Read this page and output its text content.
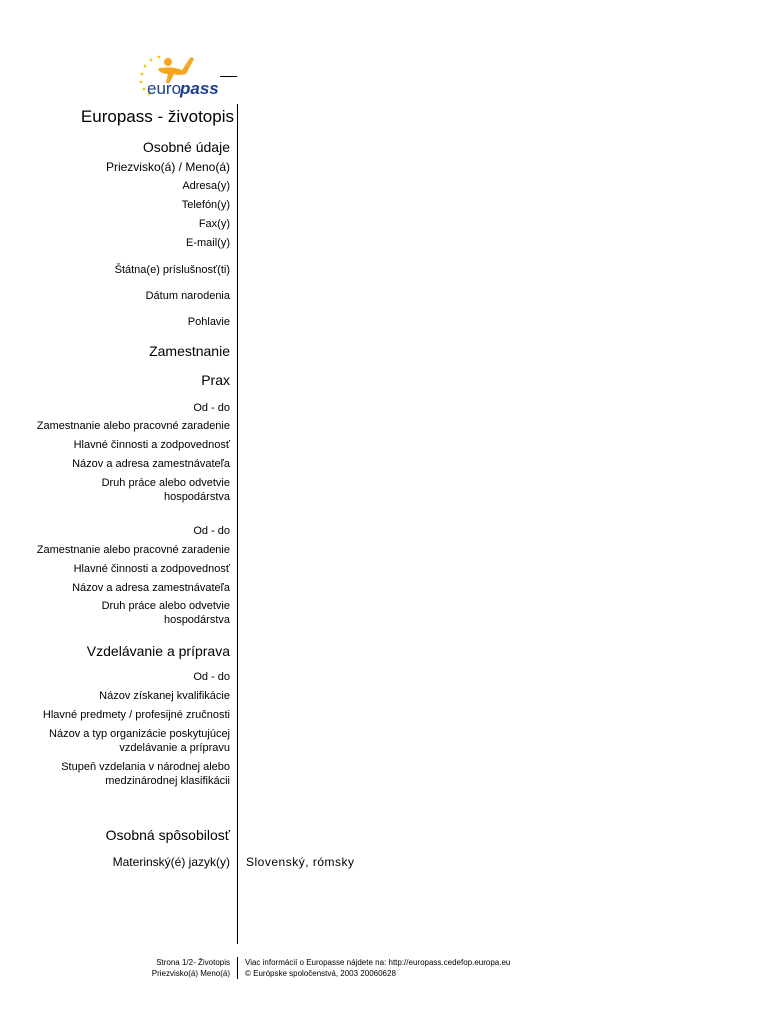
euro
pass
Europass - životopis
Osobné údaje
Priezvisko(á) / Meno(á)
Adresa(y)
Telefón(y)
Fax(y)
E-mail(y)
Štátna(e) príslušnosť(ti)
Dátum narodenia
Pohlavie
Zamestnanie
Prax
Od - do
Zamestnanie alebo pracovné zaradenie
Hlavné činnosti a zodpovednosť
Názov a adresa zamestnávateľa
Druh práce alebo odvetvie
hospodárstva
Od - do
Zamestnanie alebo pracovné zaradenie
Hlavné činnosti a zodpovednosť
Názov a adresa zamestnávateľa
Druh práce alebo odvetvie
hospodárstva
Vzdelávanie a príprava
Od - do
Názov získanej kvalifikácie
Hlavné predmety / profesijné zručnosti
Názov a typ organizácie poskytujúcej
vzdelávanie a prípravu
Stupeň vzdelania v národnej alebo
medzinárodnej klasifikácii
Osobná spôsobilosť
Materinský(é) jazyk(y) Slovenský, rómsky
Strona 1/2- Životopis
Priezvisko(á) Meno(á)
Viac informácií o Europasse nájdete na: http://europass.cedefop.europa.eu
© Európske spoločenstvá, 2003 20060628
